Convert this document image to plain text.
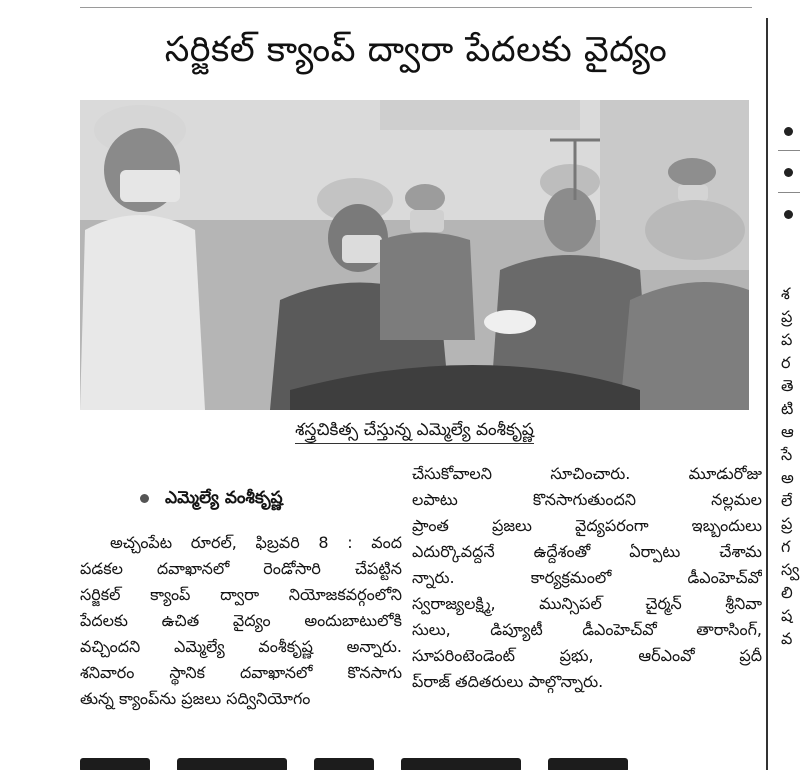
సర్జికల్ క్యాంప్ ద్వారా పేదలకు వైద్యం
శస్త్రచికిత్స చేస్తున్న ఎమ్మెల్యే వంశీకృష్ణ
ఎమ్మెల్యే వంశీకృష్ణ
అచ్చంపేట రూరల్, ఫిబ్రవరి 8 : వంద
పడకల దవాఖానలో రెండోసారి చేపట్టిన
సర్జికల్ క్యాంప్ ద్వారా నియోజకవర్గంలోని
పేదలకు ఉచిత వైద్యం అందుబాటులోకి
వచ్చిందని ఎమ్మెల్యే వంశీకృష్ణ అన్నారు.
శనివారం స్థానిక దవాఖానలో కొనసాగు
తున్న క్యాంప్‌ను ప్రజలు సద్వినియోగం
చేసుకోవాలని సూచించారు. మూడురోజు
లపాటు కొనసాగుతుందని నల్లమల
ప్రాంత ప్రజలు వైద్యపరంగా ఇబ్బందులు
ఎదుర్కొవద్దనే ఉద్దేశంతో ఏర్పాటు చేశామ
న్నారు. కార్యక్రమంలో డీఎంహెచ్‌వో
స్వరాజ్యలక్ష్మి, మున్సిపల్ చైర్మన్ శ్రీనివా
సులు, డిప్యూటీ డీఎంహెచ్‌వో తారాసింగ్,
సూపరింటెండెంట్ ప్రభు, ఆర్‌ఎంవో ప్రదీ
ప్‌రాజ్ తదితరులు పాల్గొన్నారు.

శ
ప్ర
ప
ర
తె
టి
ఆ
సే
అ
లే
ప్ర
గ
స్వ
లి
ష
వ
